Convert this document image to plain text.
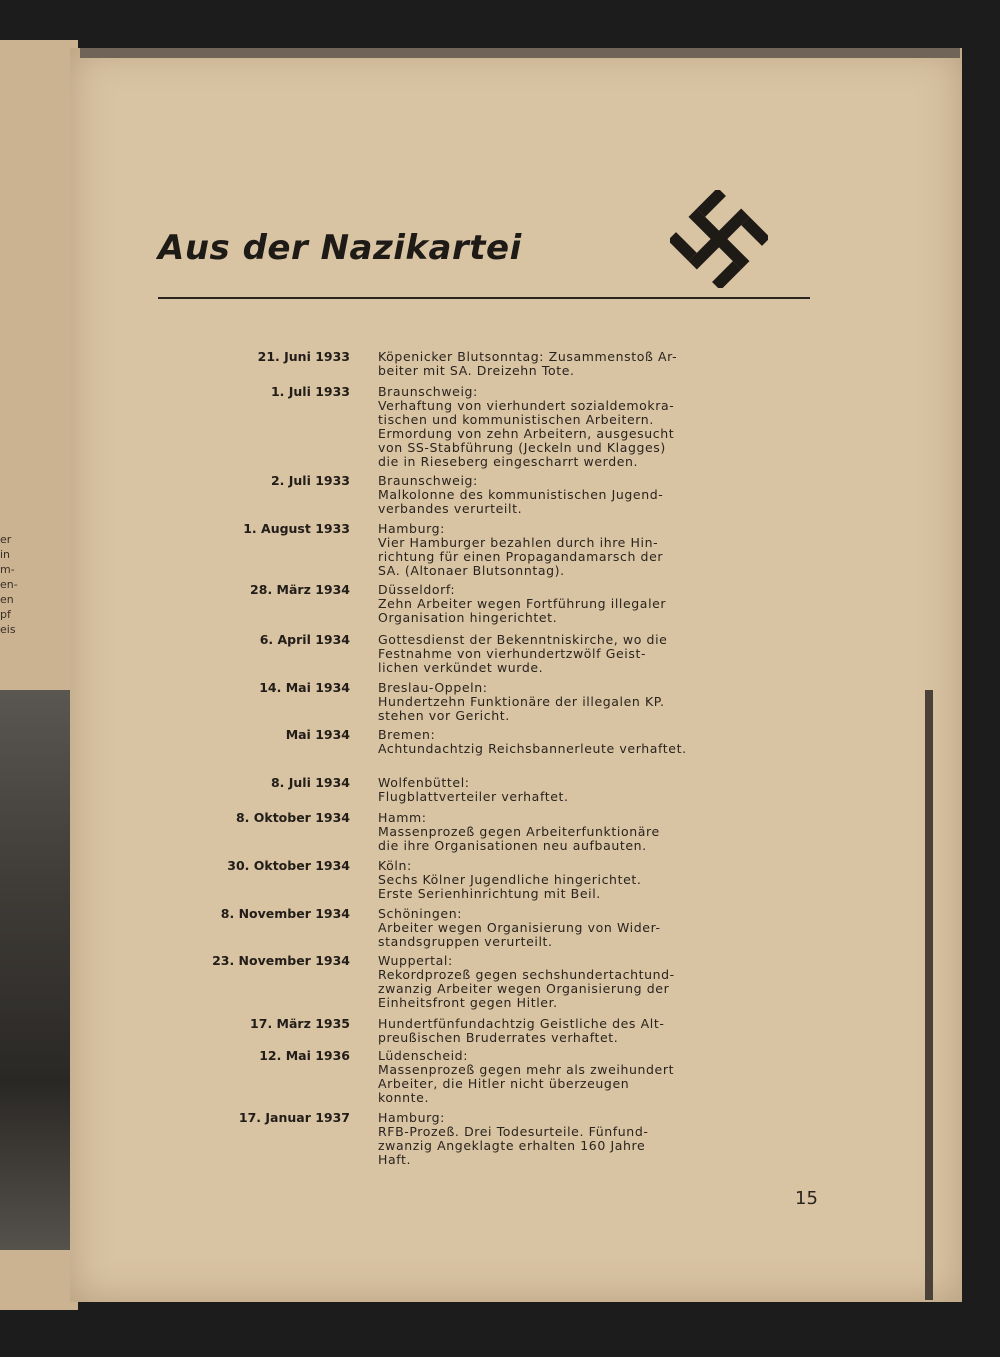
er
in
m-
en-
en
pf
eis
Aus der Nazikartei
21. Juni 1933 Köpenicker Blutsonntag: Zusammenstoß Ar-
beiter mit SA. Dreizehn Tote.
1. Juli 1933 Braunschweig:
Verhaftung von vierhundert sozialdemokra-
tischen und kommunistischen Arbeitern.
Ermordung von zehn Arbeitern, ausgesucht
von SS-Stabführung (Jeckeln und Klagges)
die in Rieseberg eingescharrt werden.
2. Juli 1933 Braunschweig:
Malkolonne des kommunistischen Jugend-
verbandes verurteilt.
1. August 1933 Hamburg:
Vier Hamburger bezahlen durch ihre Hin-
richtung für einen Propagandamarsch der
SA. (Altonaer Blutsonntag).
28. März 1934 Düsseldorf:
Zehn Arbeiter wegen Fortführung illegaler
Organisation hingerichtet.
6. April 1934 Gottesdienst der Bekenntniskirche, wo die
Festnahme von vierhundertzwölf Geist-
lichen verkündet wurde.
14. Mai 1934 Breslau-Oppeln:
Hundertzehn Funktionäre der illegalen KP.
stehen vor Gericht.
Mai 1934 Bremen:
Achtundachtzig Reichsbannerleute verhaftet.
8. Juli 1934 Wolfenbüttel:
Flugblattverteiler verhaftet.
8. Oktober 1934 Hamm:
Massenprozeß gegen Arbeiterfunktionäre
die ihre Organisationen neu aufbauten.
30. Oktober 1934 Köln:
Sechs Kölner Jugendliche hingerichtet.
Erste Serienhinrichtung mit Beil.
8. November 1934 Schöningen:
Arbeiter wegen Organisierung von Wider-
standsgruppen verurteilt.
23. November 1934 Wuppertal:
Rekordprozeß gegen sechshundertachtund-
zwanzig Arbeiter wegen Organisierung der
Einheitsfront gegen Hitler.
17. März 1935 Hundertfünfundachtzig Geistliche des Alt-
preußischen Bruderrates verhaftet.
12. Mai 1936 Lüdenscheid:
Massenprozeß gegen mehr als zweihundert
Arbeiter, die Hitler nicht überzeugen
konnte.
17. Januar 1937 Hamburg:
RFB-Prozeß. Drei Todesurteile. Fünfund-
zwanzig Angeklagte erhalten 160 Jahre
Haft.
15
